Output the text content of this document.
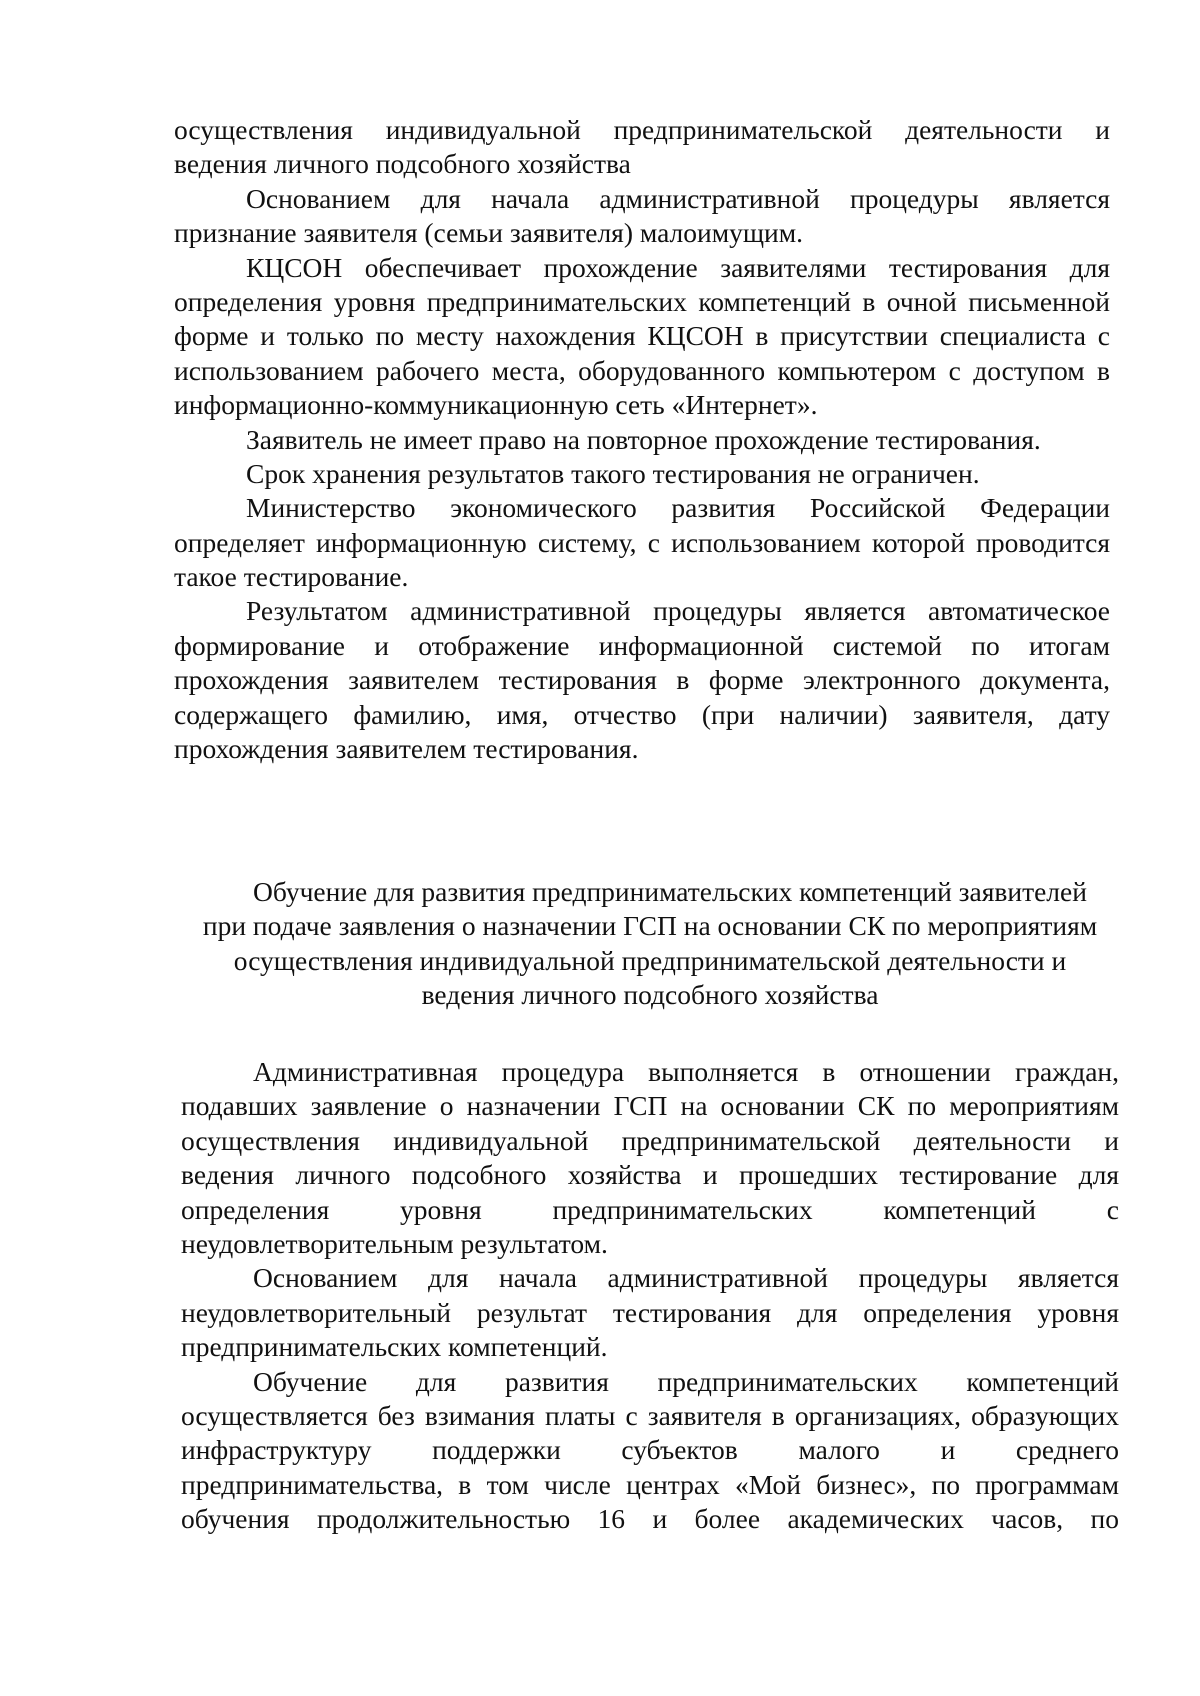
осуществления индивидуальной предпринимательской деятельности и
ведения личного подсобного хозяйства
Основанием для начала административной процедуры является
признание заявителя (семьи заявителя) малоимущим.
КЦСОН обеспечивает прохождение заявителями тестирования для
определения уровня предпринимательских компетенций в очной письменной
форме и только по месту нахождения КЦСОН в присутствии специалиста с
использованием рабочего места, оборудованного компьютером с доступом в
информационно-коммуникационную сеть «Интернет».
Заявитель не имеет право на повторное прохождение тестирования.
Срок хранения результатов такого тестирования не ограничен.
Министерство экономического развития Российской Федерации
определяет информационную систему, с использованием которой проводится
такое тестирование.
Результатом административной процедуры является автоматическое
формирование и отображение информационной системой по итогам
прохождения заявителем тестирования в форме электронного документа,
содержащего фамилию, имя, отчество (при наличии) заявителя, дату
прохождения заявителем тестирования.
Обучение для развития предпринимательских компетенций заявителей
при подаче заявления о назначении ГСП на основании СК по мероприятиям
осуществления индивидуальной предпринимательской деятельности и
ведения личного подсобного хозяйства
Административная процедура выполняется в отношении граждан,
подавших заявление о назначении ГСП на основании СК по мероприятиям
осуществления индивидуальной предпринимательской деятельности и
ведения личного подсобного хозяйства и прошедших тестирование для
определения уровня предпринимательских компетенций с
неудовлетворительным результатом.
Основанием для начала административной процедуры является
неудовлетворительный результат тестирования для определения уровня
предпринимательских компетенций.
Обучение для развития предпринимательских компетенций
осуществляется без взимания платы с заявителя в организациях, образующих
инфраструктуру поддержки субъектов малого и среднего
предпринимательства, в том числе центрах «Мой бизнес», по программам
обучения продолжительностью 16 и более академических часов, по
